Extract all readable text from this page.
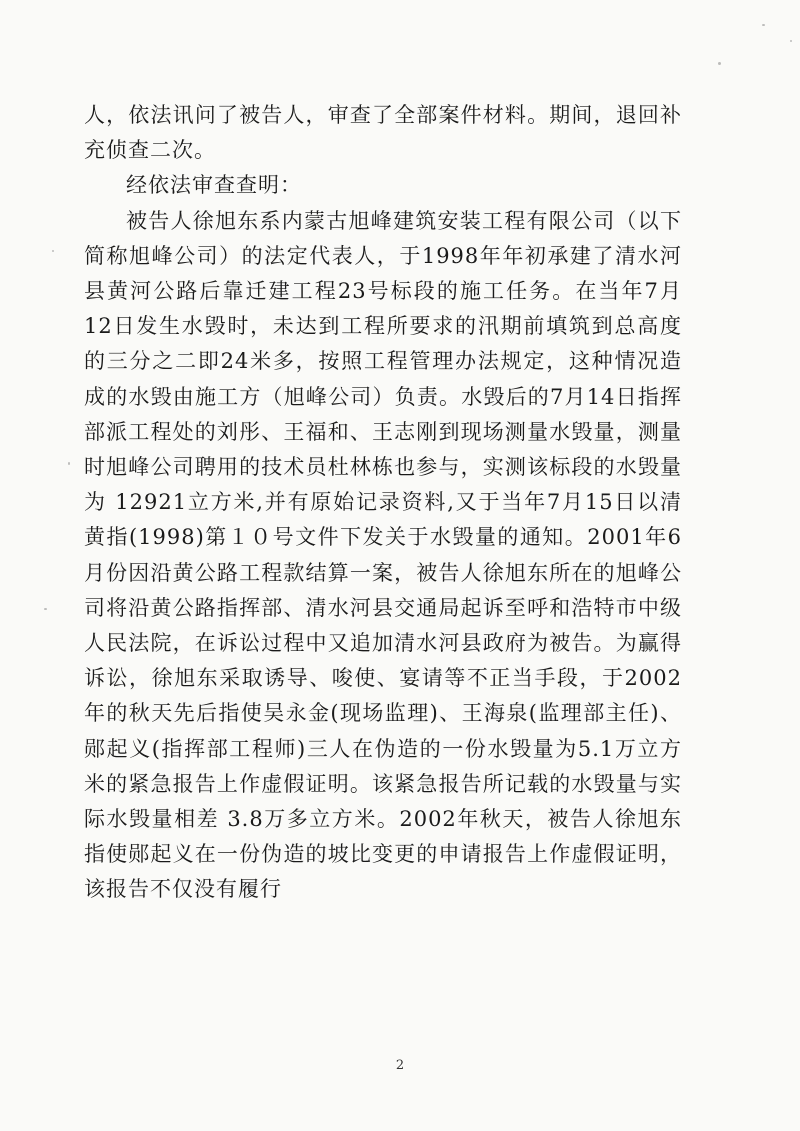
人，依法讯问了被告人，审查了全部案件材料。期间，退回补充侦查二次。

经依法审查查明：

被告人徐旭东系内蒙古旭峰建筑安装工程有限公司（以下简称旭峰公司）的法定代表人，于1998年年初承建了清水河县黄河公路后靠迁建工程23号标段的施工任务。在当年7月12日发生水毁时，未达到工程所要求的汛期前填筑到总高度的三分之二即24米多，按照工程管理办法规定，这种情况造成的水毁由施工方（旭峰公司）负责。水毁后的7月14日指挥部派工程处的刘彤、王福和、王志刚到现场测量水毁量，测量时旭峰公司聘用的技术员杜林栋也参与，实测该标段的水毁量为 12921立方米,并有原始记录资料,又于当年7月15日以清黄指(1998)第１０号文件下发关于水毁量的通知。2001年6月份因沿黄公路工程款结算一案，被告人徐旭东所在的旭峰公司将沿黄公路指挥部、清水河县交通局起诉至呼和浩特市中级人民法院，在诉讼过程中又追加清水河县政府为被告。为赢得诉讼，徐旭东采取诱导、唆使、宴请等不正当手段，于2002年的秋天先后指使吴永金(现场监理)、王海泉(监理部主任)、郧起义(指挥部工程师)三人在伪造的一份水毁量为5.1万立方米的紧急报告上作虚假证明。该紧急报告所记载的水毁量与实际水毁量相差 3.8万多立方米。2002年秋天，被告人徐旭东指使郧起义在一份伪造的坡比变更的申请报告上作虚假证明，该报告不仅没有履行

2
